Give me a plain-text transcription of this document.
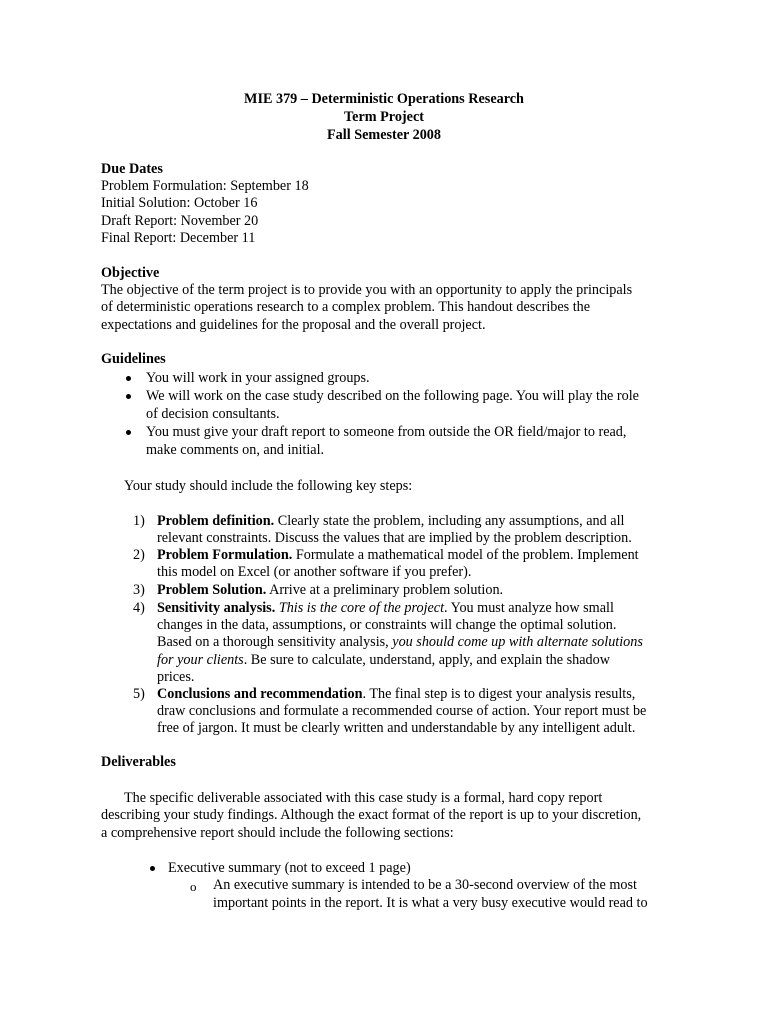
MIE 379 – Deterministic Operations Research
Term Project
Fall Semester 2008
Due Dates
Problem Formulation: September 18
Initial Solution: October 16
Draft Report: November 20
Final Report: December 11
Objective
The objective of the term project is to provide you with an opportunity to apply the principals
of deterministic operations research to a complex problem. This handout describes the
expectations and guidelines for the proposal and the overall project.
Guidelines
You will work in your assigned groups.
We will work on the case study described on the following page. You will play the role
of decision consultants.
You must give your draft report to someone from outside the OR field/major to read,
make comments on, and initial.
Your study should include the following key steps:
1) Problem definition. Clearly state the problem, including any assumptions, and all
relevant constraints. Discuss the values that are implied by the problem description.
2) Problem Formulation. Formulate a mathematical model of the problem. Implement
this model on Excel (or another software if you prefer).
3) Problem Solution. Arrive at a preliminary problem solution.
4) Sensitivity analysis. This is the core of the project. You must analyze how small
changes in the data, assumptions, or constraints will change the optimal solution.
Based on a thorough sensitivity analysis, you should come up with alternate solutions
for your clients. Be sure to calculate, understand, apply, and explain the shadow
prices.
5) Conclusions and recommendation. The final step is to digest your analysis results,
draw conclusions and formulate a recommended course of action. Your report must be
free of jargon. It must be clearly written and understandable by any intelligent adult.
Deliverables
The specific deliverable associated with this case study is a formal, hard copy report
describing your study findings. Although the exact format of the report is up to your discretion,
a comprehensive report should include the following sections:
Executive summary (not to exceed 1 page)
o An executive summary is intended to be a 30-second overview of the most
important points in the report. It is what a very busy executive would read to
